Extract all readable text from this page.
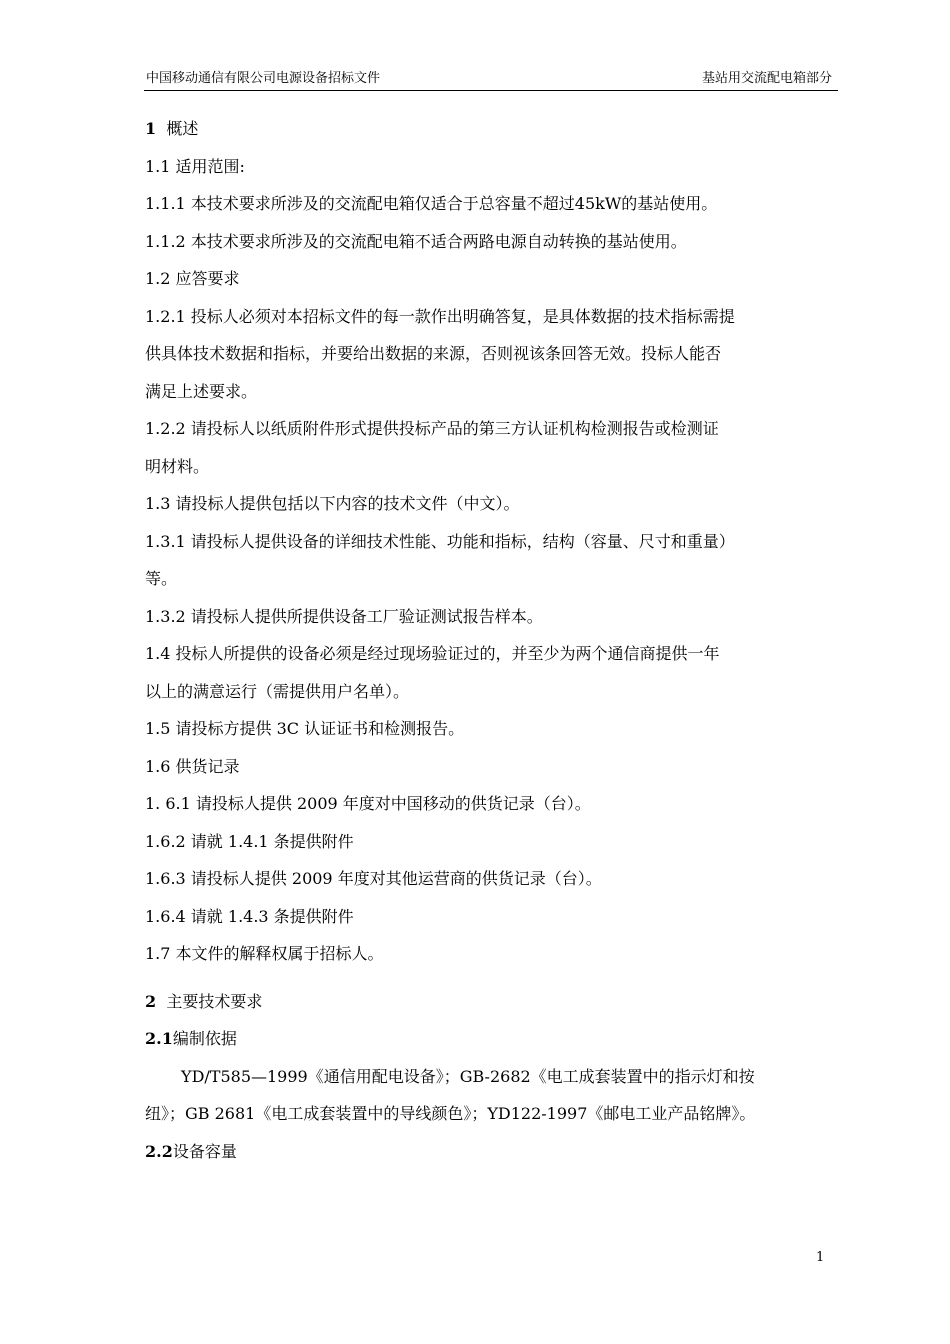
中国移动通信有限公司电源设备招标文件	基站用交流配电箱部分
1 概述
1.1 适用范围:
1.1.1 本技术要求所涉及的交流配电箱仅适合于总容量不超过45kW的基站使用。
1.1.2 本技术要求所涉及的交流配电箱不适合两路电源自动转换的基站使用。
1.2 应答要求
1.2.1 投标人必须对本招标文件的每一款作出明确答复，是具体数据的技术指标需提
供具体技术数据和指标，并要给出数据的来源，否则视该条回答无效。投标人能否
满足上述要求。
1.2.2 请投标人以纸质附件形式提供投标产品的第三方认证机构检测报告或检测证
明材料。
1.3 请投标人提供包括以下内容的技术文件（中文）。
1.3.1 请投标人提供设备的详细技术性能、功能和指标，结构（容量、尺寸和重量）
等。
1.3.2 请投标人提供所提供设备工厂验证测试报告样本。
1.4 投标人所提供的设备必须是经过现场验证过的，并至少为两个通信商提供一年
以上的满意运行（需提供用户名单）。
1.5 请投标方提供 3C 认证证书和检测报告。
1.6 供货记录
1. 6.1 请投标人提供 2009 年度对中国移动的供货记录（台）。
1.6.2 请就 1.4.1 条提供附件
1.6.3 请投标人提供 2009 年度对其他运营商的供货记录（台）。
1.6.4 请就 1.4.3 条提供附件
1.7 本文件的解释权属于招标人。
2 主要技术要求
2.1编制依据
YD/T585—1999《通信用配电设备》；GB-2682《电工成套装置中的指示灯和按
纽》；GB 2681《电工成套装置中的导线颜色》；YD122-1997《邮电工业产品铭牌》。
2.2设备容量
1
